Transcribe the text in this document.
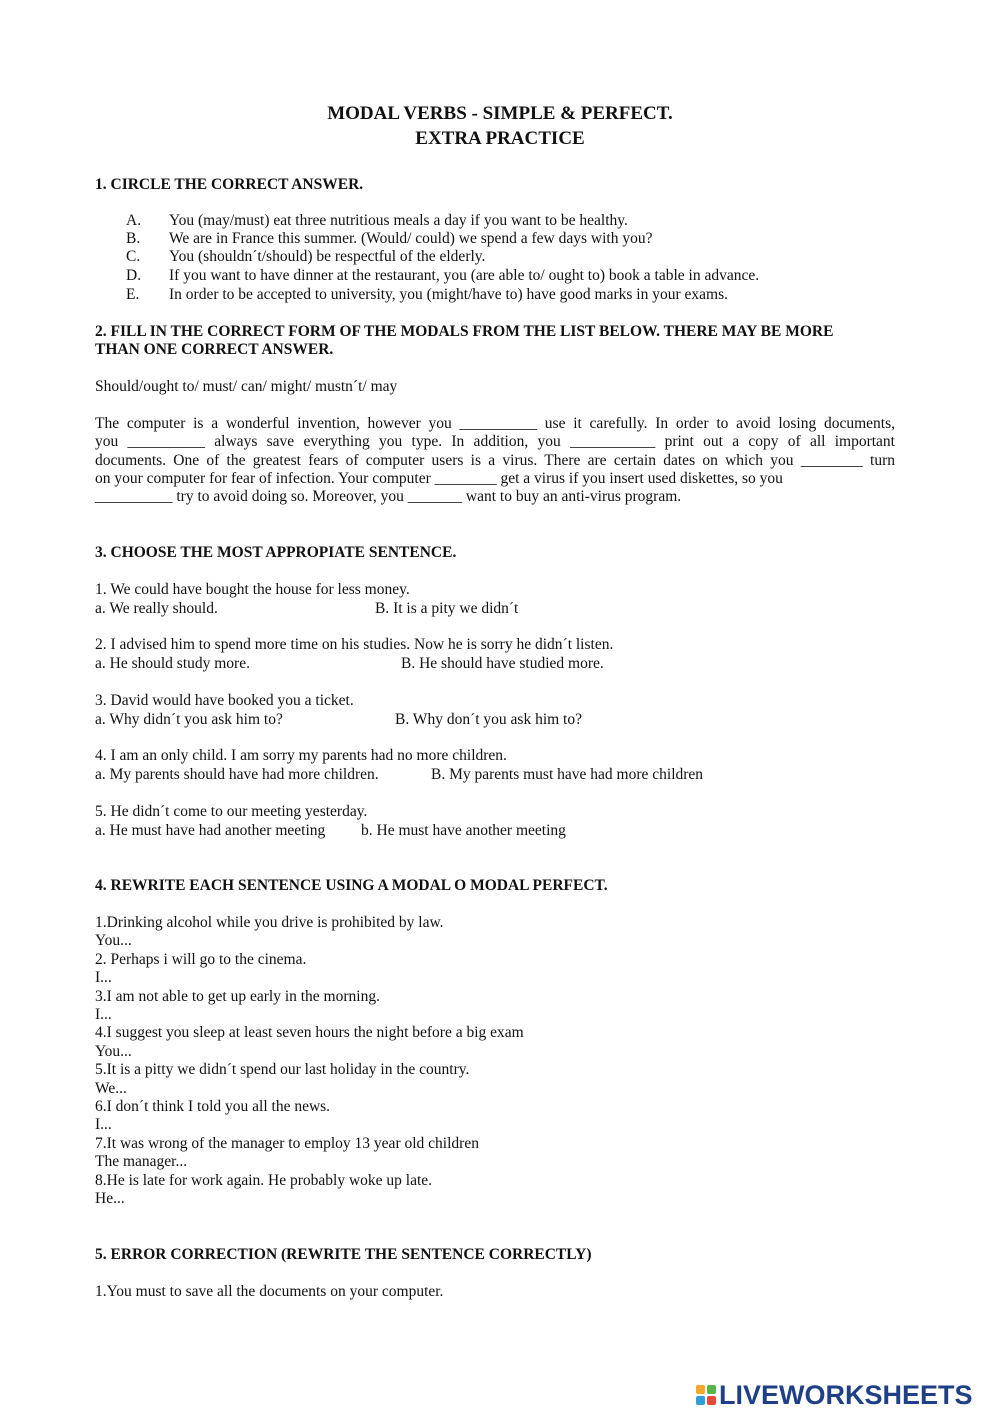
MODAL VERBS - SIMPLE & PERFECT.
EXTRA PRACTICE
1. CIRCLE THE CORRECT ANSWER.
A. You (may/must) eat three nutritious meals a day if you want to be healthy.
B. We are in France this summer. (Would/ could) we spend a few days with you?
C. You (shouldn´t/should) be respectful of the elderly.
D. If you want to have dinner at the restaurant, you (are able to/ ought to) book a table in advance.
E. In order to be accepted to university, you (might/have to) have good marks in your exams.
2. FILL IN THE CORRECT FORM OF THE MODALS FROM THE LIST BELOW. THERE MAY BE MORE
THAN ONE CORRECT ANSWER.
Should/ought to/ must/ can/ might/ mustn´t/ may
The computer is a wonderful invention, however you __________ use it carefully. In order to avoid losing documents,
you __________ always save everything you type. In addition, you ___________ print out a copy of all important
documents. One of the greatest fears of computer users is a virus. There are certain dates on which you ________ turn
on your computer for fear of infection. Your computer ________ get a virus if you insert used diskettes, so you
__________ try to avoid doing so. Moreover, you _______ want to buy an anti-virus program.
3. CHOOSE THE MOST APPROPIATE SENTENCE.
1. We could have bought the house for less money.
a. We really should.	B. It is a pity we didn´t
2. I advised him to spend more time on his studies. Now he is sorry he didn´t listen.
a. He should study more.	B. He should have studied more.
3. David would have booked you a ticket.
a. Why didn´t you ask him to?	B. Why don´t you ask him to?
4. I am an only child. I am sorry my parents had no more children.
a. My parents should have had more children.	B. My parents must have had more children
5. He didn´t come to our meeting yesterday.
a. He must have had another meeting b. He must have another meeting
4. REWRITE EACH SENTENCE USING A MODAL O MODAL PERFECT.
1.Drinking alcohol while you drive is prohibited by law.
You...
2. Perhaps i will go to the cinema.
I...
3.I am not able to get up early in the morning.
I...
4.I suggest you sleep at least seven hours the night before a big exam
You...
5.It is a pitty we didn´t spend our last holiday in the country.
We...
6.I don´t think I told you all the news.
I...
7.It was wrong of the manager to employ 13 year old children
The manager...
8.He is late for work again. He probably woke up late.
He...
5. ERROR CORRECTION (REWRITE THE SENTENCE CORRECTLY)
1.You must to save all the documents on your computer.
LIVEWORKSHEETS
